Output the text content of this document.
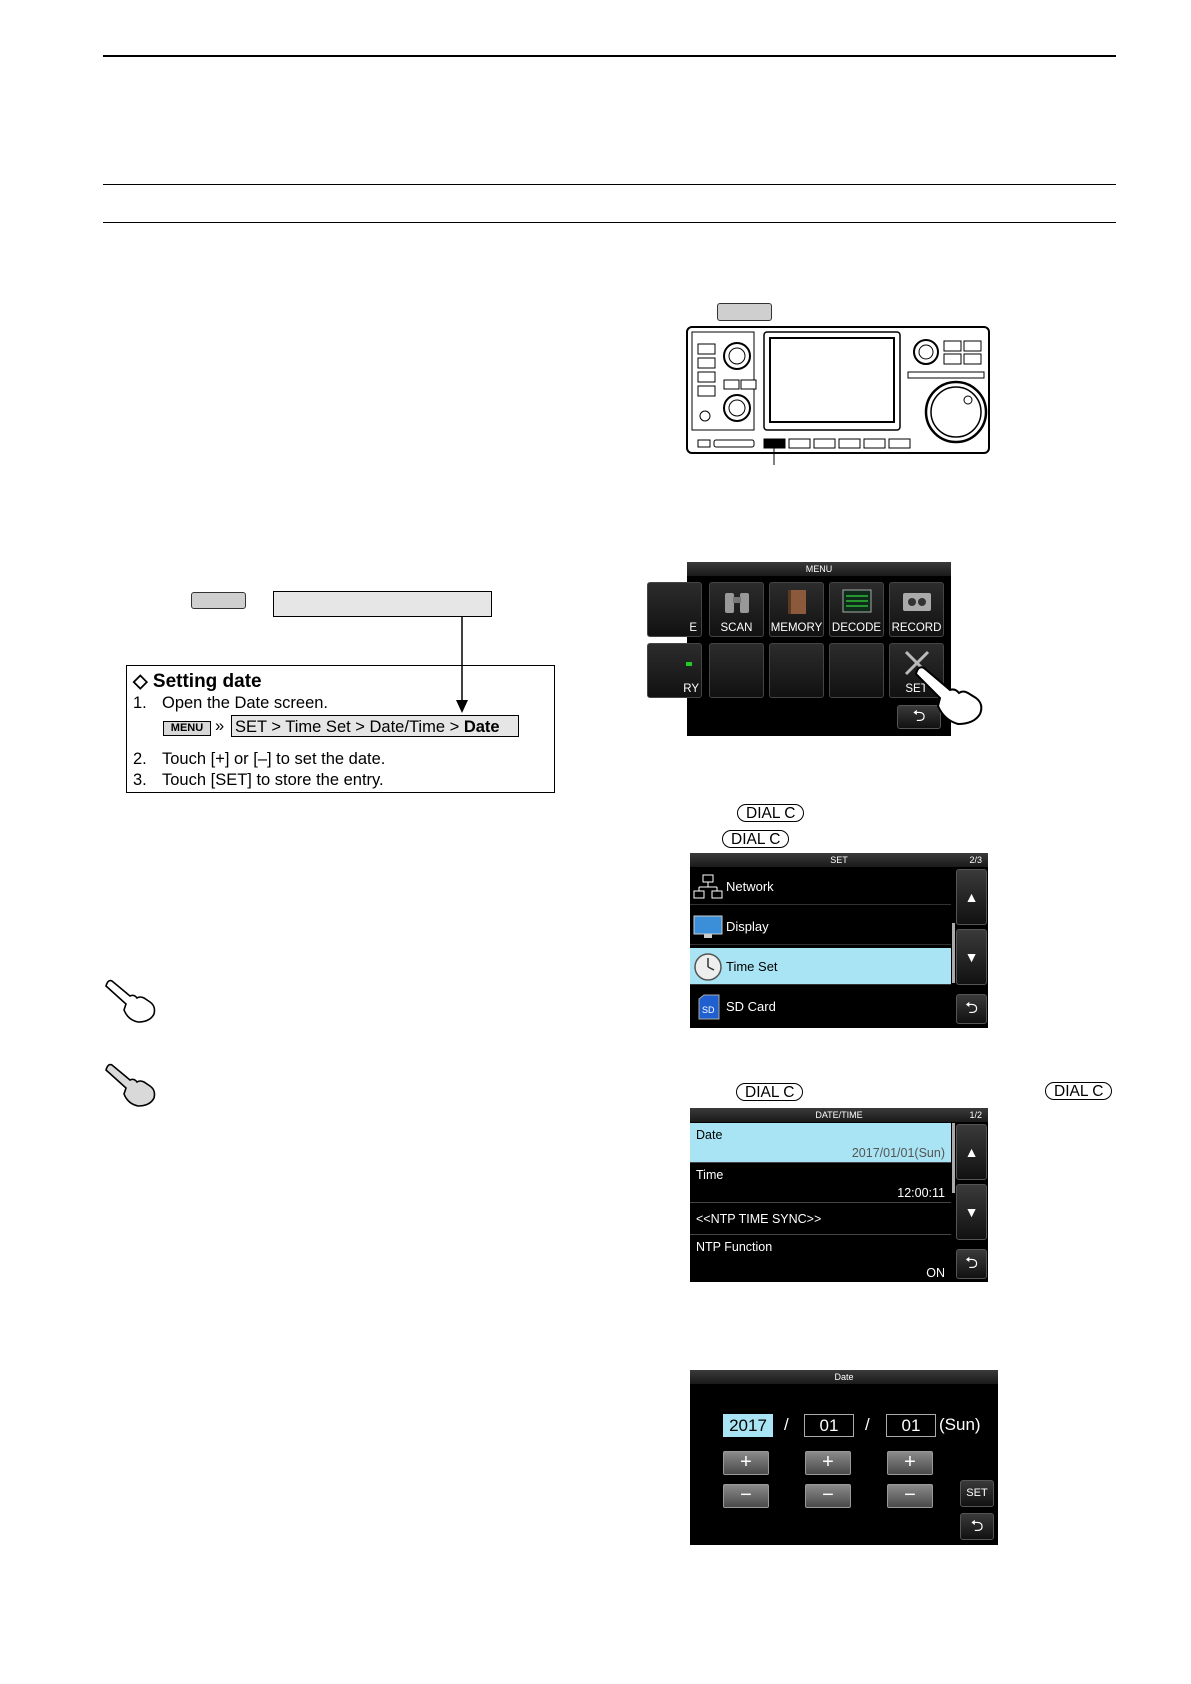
◇ Setting date
1. Open the Date screen.
MENU » SET > Time Set > Date/Time > Date
2. Touch [+] or [–] to set the date.
3. Touch [SET] to store the entry.
MENU
E	SCAN	MEMORY DECODE RECORD
RY	SET
⮌
DIAL C
DIAL C
DIAL C	DIAL C
SET	2/3
Network
Display
Time Set
SD SD Card
▲
▼
⮌
DATE/TIME	1/2
Date
2017/01/01(Sun)
Time
12:00:11
<<NTP TIME SYNC>>
NTP Function
ON
▲
▼
⮌
Date
2017	/	01	/	01	(Sun)
+	+	+
−	−	−	SET
⮌
